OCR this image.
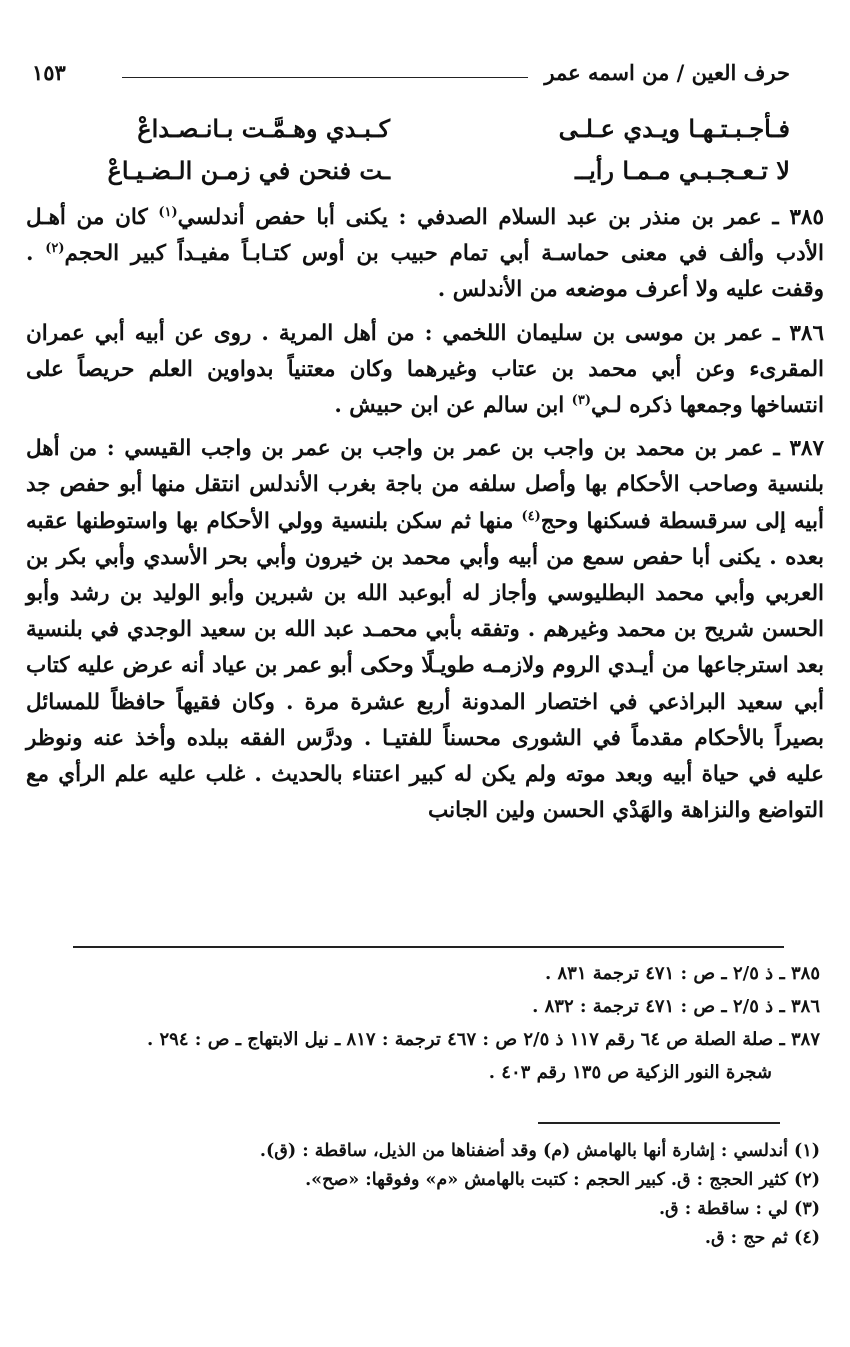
حرف العين / من اسمه عمر
١٥٣
فـأجـبـتـهـا ويـدي عـلـى
كـبـدي وهـمَّـت بـانـصـداعْ
لا تـعـجـبـي مـمـا رأيــ
ـت فنحن في زمـن الـضـيـاعْ

٣٨٥ ـ عمر بن منذر بن عبد السلام الصدفي : يكنى أبا حفص أندلسي$^{(١)}$ كان من أهـل الأدب وألف في معنى حماسـة أبي تمام حبيب بن أوس كتـابـاً مفيـداً كبير الحجم$^{(٢)}$ . وقفت عليه ولا أعرف موضعه من الأندلس .

٣٨٦ ـ عمر بن موسى بن سليمان اللخمي : من أهل المرية . روى عن أبيه أبي عمران المقرىء وعن أبي محمد بن عتاب وغيرهما وكان معتنياً بدواوين العلم حريصاً على انتساخها وجمعها ذكره لـي$^{(٣)}$ ابن سالم عن ابن حبيش .

٣٨٧ ـ عمر بن محمد بن واجب بن عمر بن واجب بن عمر بن واجب القيسي : من أهل بلنسية وصاحب الأحكام بها وأصل سلفه من باجة بغرب الأندلس انتقل منها أبو حفص جد أبيه إلى سرقسطة فسكنها وحج$^{(٤)}$ منها ثم سكن بلنسية وولي الأحكام بها واستوطنها عقبه بعده . يكنى أبا حفص سمع من أبيه وأبي محمد بن خيرون وأبي بحر الأسدي وأبي بكر بن العربي وأبي محمد البطليوسي وأجاز له أبوعبد الله بن شبرين وأبو الوليد بن رشد وأبو الحسن شريح بن محمد وغيرهم . وتفقه بأبي محمـد عبد الله بن سعيد الوجدي في بلنسية بعد استرجاعها من أيـدي الروم ولازمـه طويـلًا وحكى أبو عمر بن عياد أنه عرض عليه كتاب أبي سعيد البراذعي في اختصار المدونة أربع عشرة مرة . وكان فقيهاً حافظاً للمسائل بصيراً بالأحكام مقدماً في الشورى محسناً للفتيـا . ودرَّس الفقه ببلده وأخذ عنه ونوظر عليه في حياة أبيه وبعد موته ولم يكن له كبير اعتناء بالحديث . غلب عليه علم الرأي مع التواضع والنزاهة والهَدْي الحسن ولين الجانب

٣٨٥ ـ ذ ٢/٥ ـ ص : ٤٧١ ترجمة ٨٣١ .

٣٨٦ ـ ذ ٢/٥ ـ ص : ٤٧١ ترجمة : ٨٣٢ .

٣٨٧ ـ صلة الصلة ص ٦٤ رقم ١١٧ ذ ٢/٥ ص : ٤٦٧ ترجمة : ٨١٧ ـ نيل الابتهاج ـ ص : ٢٩٤ .

شجرة النور الزكية ص ١٣٥ رقم ٤٠٣ .

(١) أندلسي : إشارة أنها بالهامش (م) وقد أضفناها من الذيل، ساقطة : (ق).

(٢) كثير الحجج : ق. كبير الحجم : كتبت بالهامش «م» وفوقها: «صح».

(٣) لي : ساقطة : ق.

(٤) ثم حج : ق.
